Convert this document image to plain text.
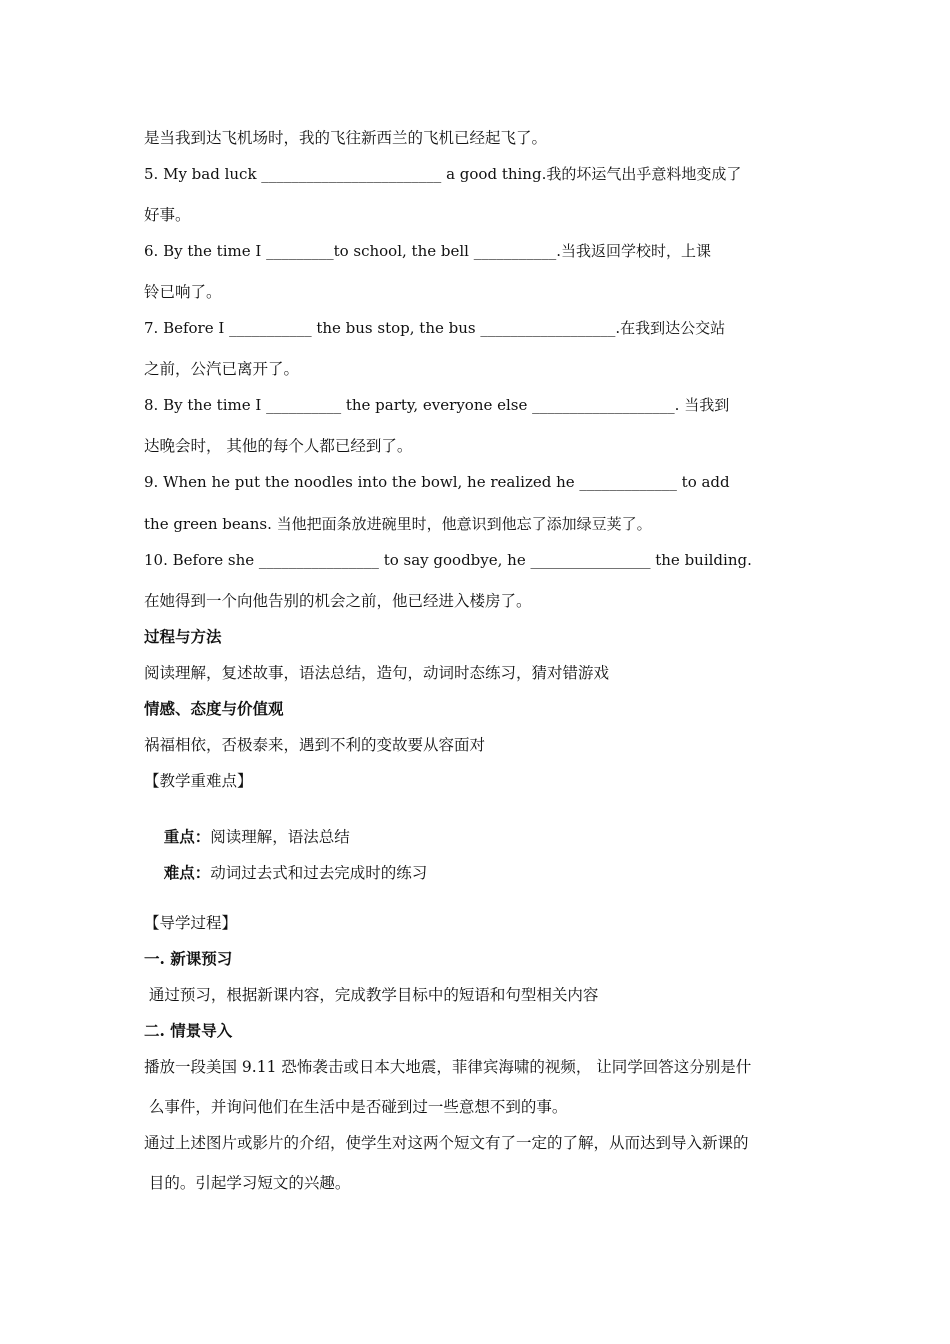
是当我到达飞机场时，我的飞往新西兰的飞机已经起飞了。
5. My bad luck ________________________ a good thing.我的坏运气出乎意料地变成了
好事。
6. By the time I _________to school, the bell ___________.当我返回学校时，上课
铃已响了。
7. Before I ___________ the bus stop, the bus __________________.在我到达公交站
之前，公汽已离开了。
8. By the time I __________ the party, everyone else ___________________. 当我到
达晚会时， 其他的每个人都已经到了。
9. When he put the noodles into the bowl, he realized he _____________ to add
the green beans. 当他把面条放进碗里时，他意识到他忘了添加绿豆荚了。
10. Before she ________________ to say goodbye, he ________________ the building.
在她得到一个向他告别的机会之前，他已经进入楼房了。
过程与方法
阅读理解，复述故事，语法总结，造句，动词时态练习，猜对错游戏
情感、态度与价值观
祸福相依，否极泰来，遇到不利的变故要从容面对
【教学重难点】

重点：阅读理解，语法总结

难点：动词过去式和过去完成时的练习

【导学过程】
一. 新课预习
通过预习，根据新课内容，完成教学目标中的短语和句型相关内容
二. 情景导入
播放一段美国 9.11 恐怖袭击或日本大地震，菲律宾海啸的视频， 让同学回答这分别是什
么事件，并询问他们在生活中是否碰到过一些意想不到的事。
通过上述图片或影片的介绍，使学生对这两个短文有了一定的了解，从而达到导入新课的
目的。引起学习短文的兴趣。
